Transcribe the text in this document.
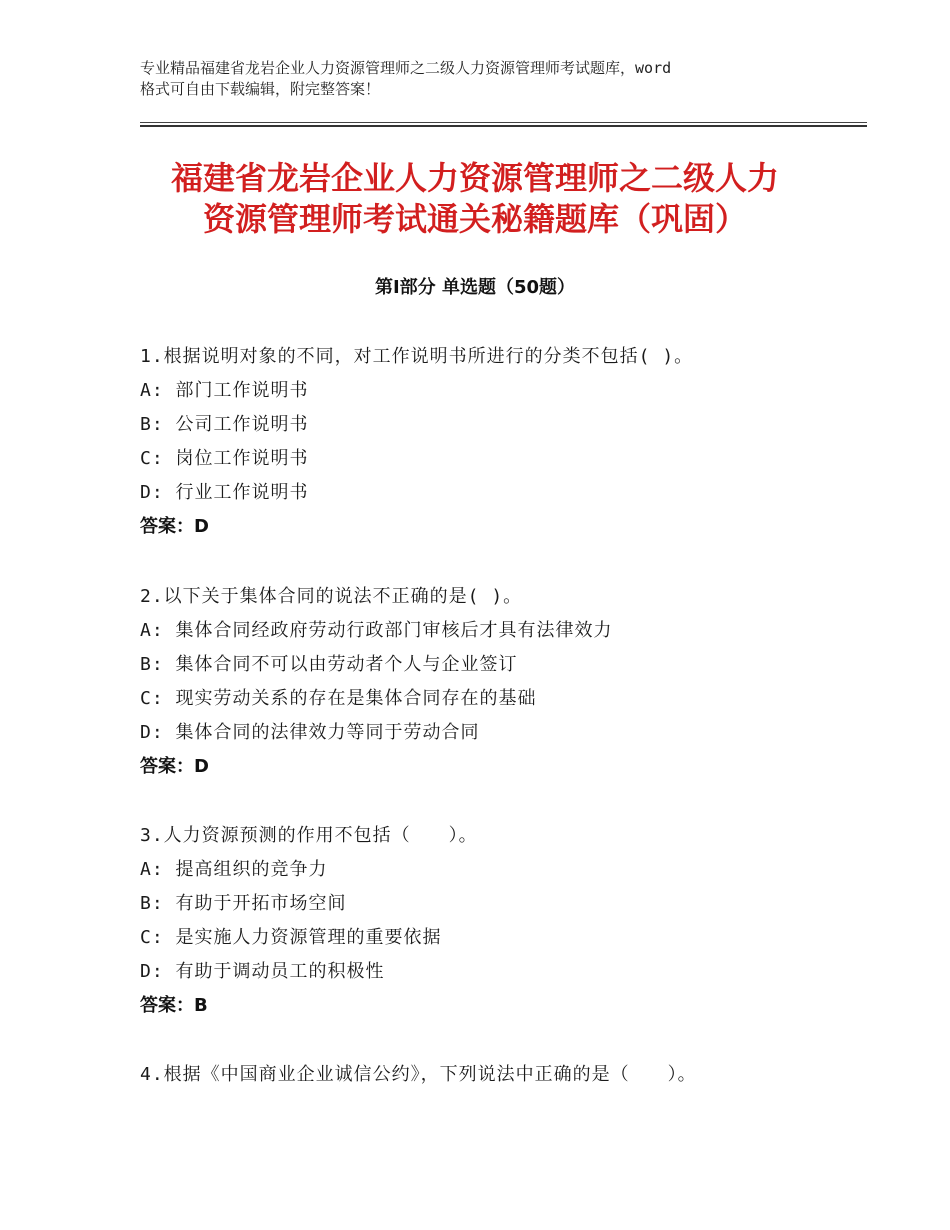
专业精品福建省龙岩企业人力资源管理师之二级人力资源管理师考试题库，word
格式可自由下载编辑，附完整答案！
福建省龙岩企业人力资源管理师之二级人力
资源管理师考试通关秘籍题库（巩固）
第Ⅰ部分 单选题（50题）
1.根据说明对象的不同，对工作说明书所进行的分类不包括( )。
A: 部门工作说明书
B: 公司工作说明书
C: 岗位工作说明书
D: 行业工作说明书
答案：D
2.以下关于集体合同的说法不正确的是( )。
A: 集体合同经政府劳动行政部门审核后才具有法律效力
B: 集体合同不可以由劳动者个人与企业签订
C: 现实劳动关系的存在是集体合同存在的基础
D: 集体合同的法律效力等同于劳动合同
答案：D
3.人力资源预测的作用不包括（　　）。
A: 提高组织的竞争力
B: 有助于开拓市场空间
C: 是实施人力资源管理的重要依据
D: 有助于调动员工的积极性
答案：B
4.根据《中国商业企业诚信公约》，下列说法中正确的是（　　）。
